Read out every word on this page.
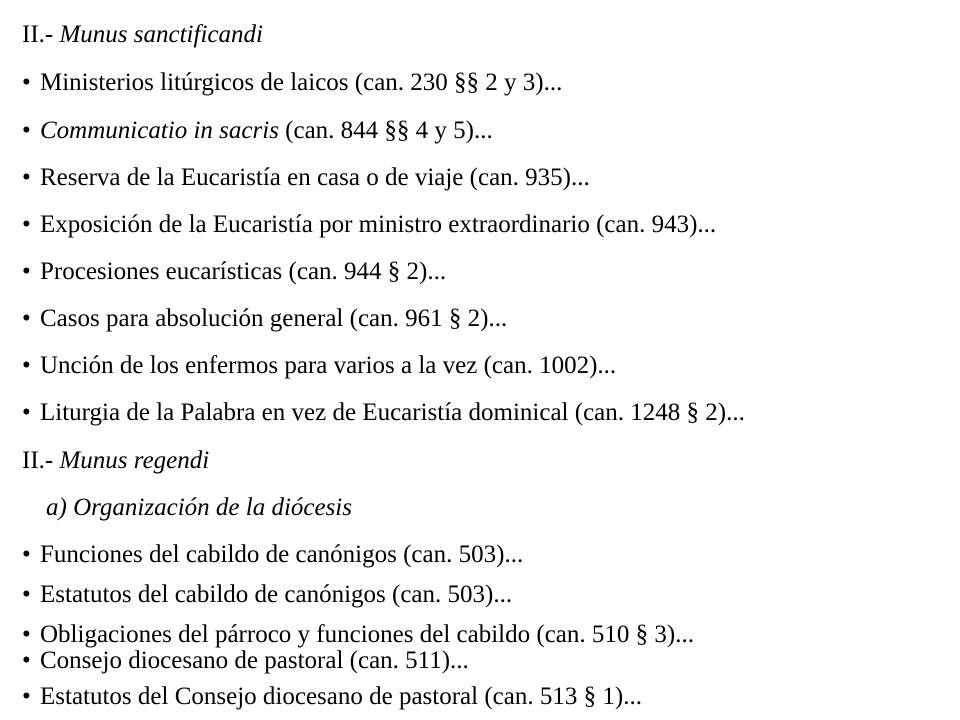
II.- Munus sanctificandi
• Ministerios litúrgicos de laicos (can. 230 §§ 2 y 3)...
• Communicatio in sacris (can. 844 §§ 4 y 5)...
• Reserva de la Eucaristía en casa o de viaje (can. 935)...
• Exposición de la Eucaristía por ministro extraordinario (can. 943)...
• Procesiones eucarísticas (can. 944 § 2)...
• Casos para absolución general (can. 961 § 2)...
• Unción de los enfermos para varios a la vez (can. 1002)...
• Liturgia de la Palabra en vez de Eucaristía dominical (can. 1248 § 2)...
II.- Munus regendi
a) Organización de la diócesis
• Funciones del cabildo de canónigos (can. 503)...
• Estatutos del cabildo de canónigos (can. 503)...
• Obligaciones del párroco y funciones del cabildo (can. 510 § 3)...
• Consejo diocesano de pastoral (can. 511)...
• Estatutos del Consejo diocesano de pastoral (can. 513 § 1)...
